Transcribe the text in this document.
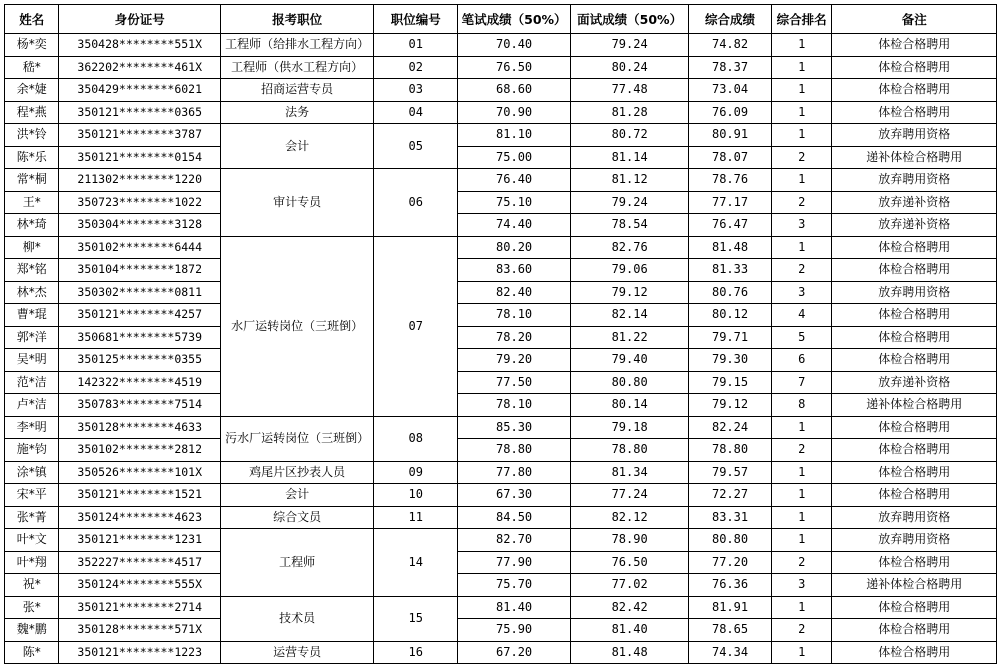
姓名	身份证号	报考职位	职位编号	笔试成绩（50%）	面试成绩（50%）	综合成绩	综合排名	备注
杨*奕	350428********551X	工程师（给排水工程方向）	01	70.40	79.24	74.82	1	体检合格聘用
嵇*	362202********461X	工程师（供水工程方向）	02	76.50	80.24	78.37	1	体检合格聘用
余*婕	350429********6021	招商运营专员	03	68.60	77.48	73.04	1	体检合格聘用
程*燕	350121********0365	法务	04	70.90	81.28	76.09	1	体检合格聘用
洪*铃	350121********3787	会计	05	81.10	80.72	80.91	1	放弃聘用资格
陈*乐	350121********0154			75.00	81.14	78.07	2	递补体检合格聘用
常*桐	211302********1220	审计专员	06	76.40	81.12	78.76	1	放弃聘用资格
王*	350723********1022			75.10	79.24	77.17	2	放弃递补资格
林*琦	350304********3128			74.40	78.54	76.47	3	放弃递补资格
柳*	350102********6444	水厂运转岗位（三班倒）	07	80.20	82.76	81.48	1	体检合格聘用
郑*铭	350104********1872			83.60	79.06	81.33	2	体检合格聘用
林*杰	350302********0811			82.40	79.12	80.76	3	放弃聘用资格
曹*琨	350121********4257			78.10	82.14	80.12	4	体检合格聘用
郭*洋	350681********5739			78.20	81.22	79.71	5	体检合格聘用
吴*明	350125********0355			79.20	79.40	79.30	6	体检合格聘用
范*洁	142322********4519			77.50	80.80	79.15	7	放弃递补资格
卢*洁	350783********7514			78.10	80.14	79.12	8	递补体检合格聘用
李*明	350128********4633	污水厂运转岗位（三班倒）	08	85.30	79.18	82.24	1	体检合格聘用
施*钧	350102********2812			78.80	78.80	78.80	2	体检合格聘用
涂*镇	350526********101X	鸡尾片区抄表人员	09	77.80	81.34	79.57	1	体检合格聘用
宋*平	350121********1521	会计	10	67.30	77.24	72.27	1	体检合格聘用
张*菁	350124********4623	综合文员	11	84.50	82.12	83.31	1	放弃聘用资格
叶*文	350121********1231	工程师	14	82.70	78.90	80.80	1	放弃聘用资格
叶*翔	352227********4517			77.90	76.50	77.20	2	体检合格聘用
祝*	350124********555X			75.70	77.02	76.36	3	递补体检合格聘用
张*	350121********2714	技术员	15	81.40	82.42	81.91	1	体检合格聘用
魏*鹏	350128********571X			75.90	81.40	78.65	2	体检合格聘用
陈*	350121********1223	运营专员	16	67.20	81.48	74.34	1	体检合格聘用
